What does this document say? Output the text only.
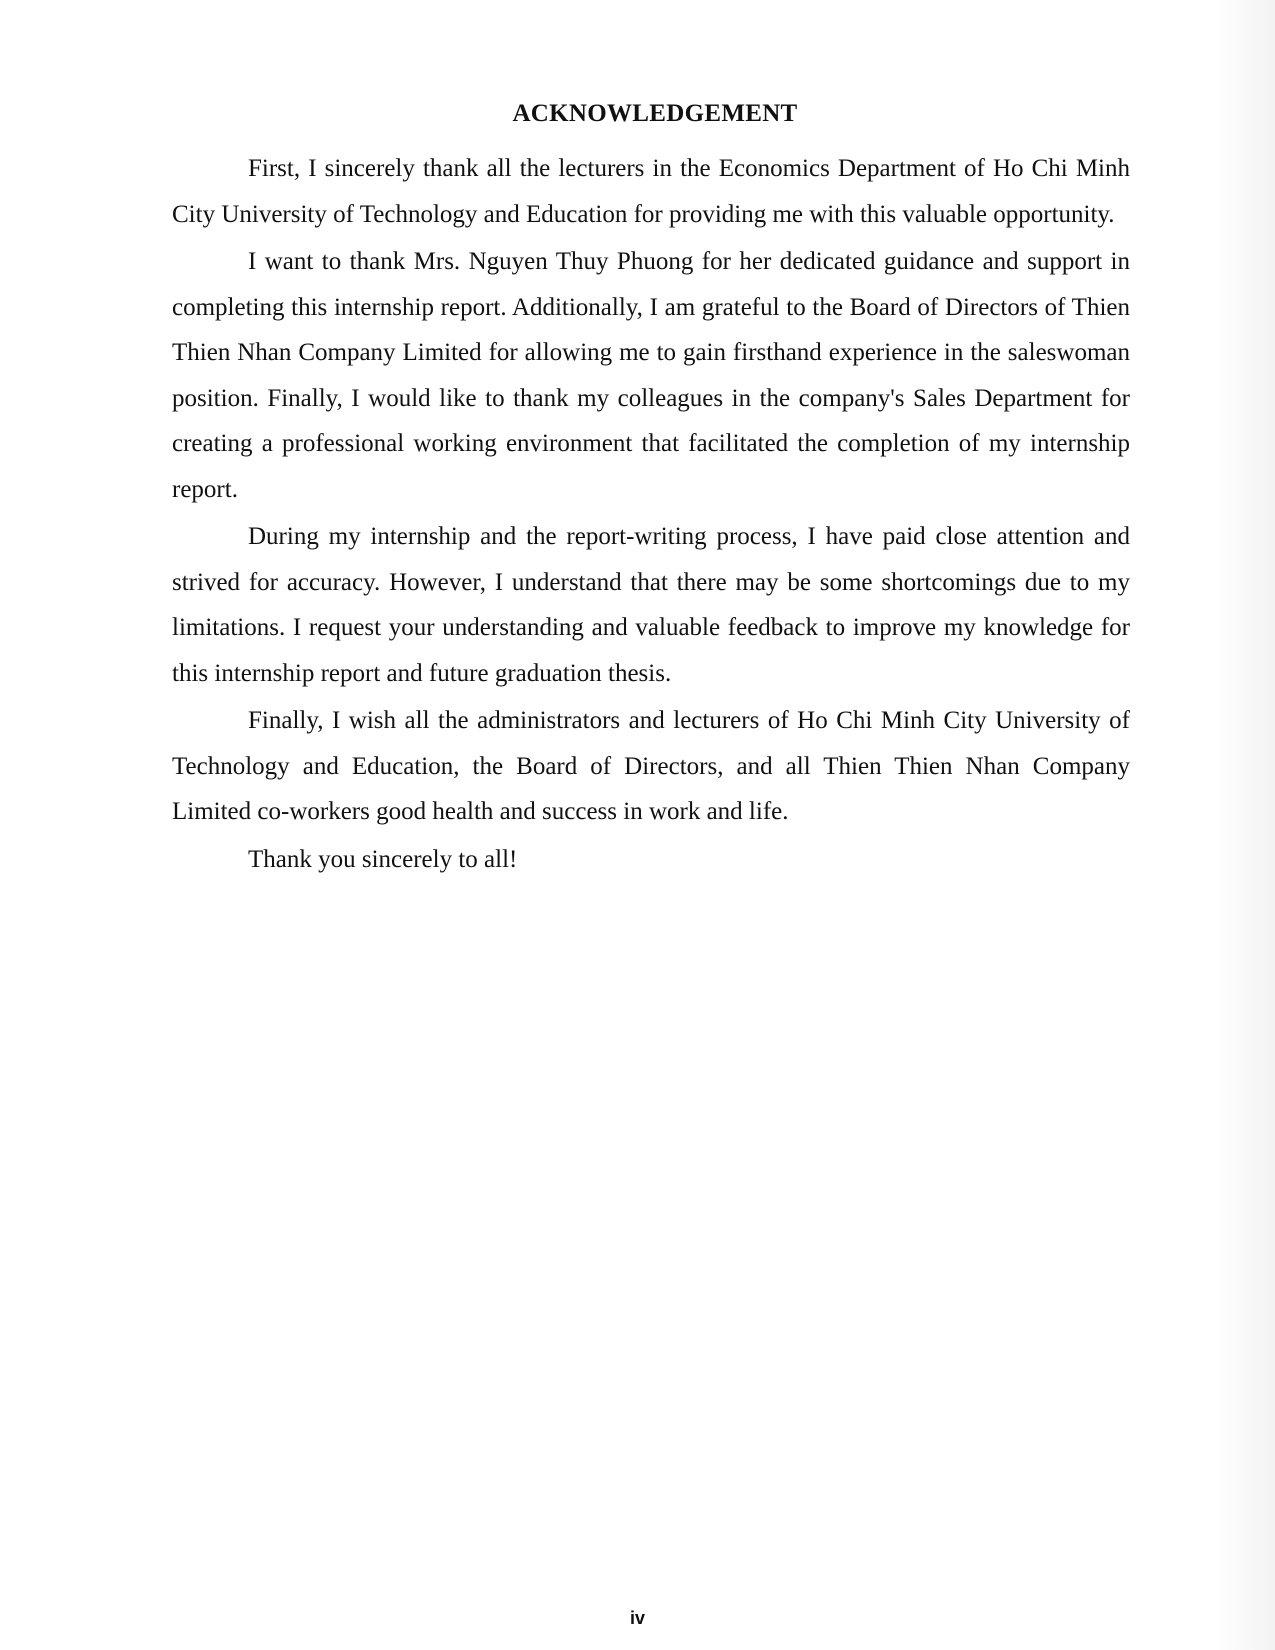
ACKNOWLEDGEMENT

First, I sincerely thank all the lecturers in the Economics Department of Ho Chi Minh City University of Technology and Education for providing me with this valuable opportunity.

I want to thank Mrs. Nguyen Thuy Phuong for her dedicated guidance and support in completing this internship report. Additionally, I am grateful to the Board of Directors of Thien Thien Nhan Company Limited for allowing me to gain firsthand experience in the saleswoman position. Finally, I would like to thank my colleagues in the company's Sales Department for creating a professional working environment that facilitated the completion of my internship report.

During my internship and the report-writing process, I have paid close attention and strived for accuracy. However, I understand that there may be some shortcomings due to my limitations. I request your understanding and valuable feedback to improve my knowledge for this internship report and future graduation thesis.

Finally, I wish all the administrators and lecturers of Ho Chi Minh City University of Technology and Education, the Board of Directors, and all Thien Thien Nhan Company Limited co-workers good health and success in work and life.

Thank you sincerely to all!

iv
